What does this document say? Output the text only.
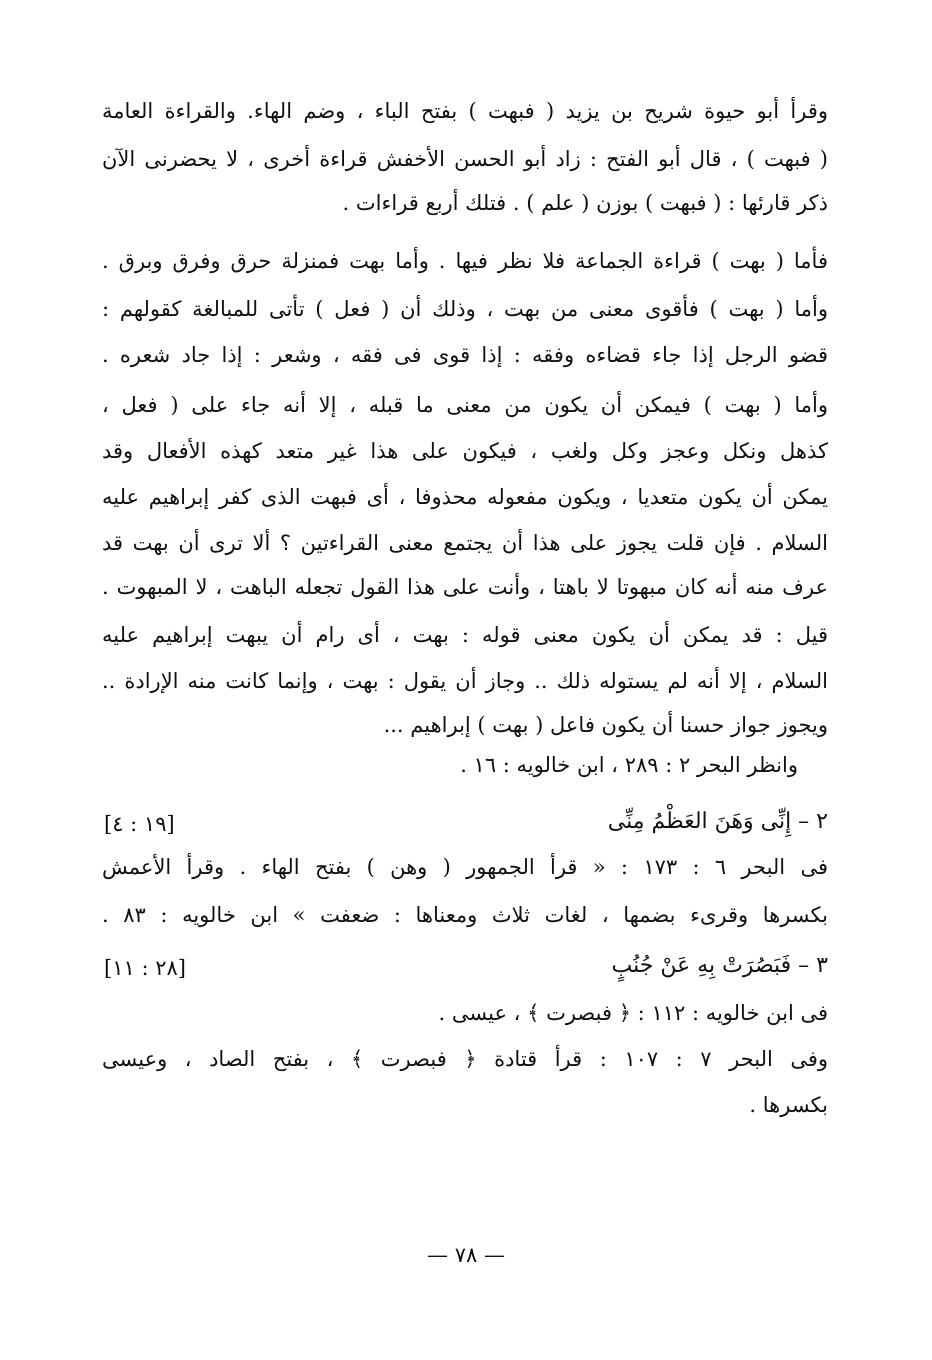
وقرأ أبو حيوة شريح بن يزيد ( فبهت ) بفتح الباء ، وضم الهاء. والقراءة العامة
( فبهت ) ، قال أبو الفتح : زاد أبو الحسن الأخفش قراءة أخرى ، لا يحضرنى الآن
ذكر قارئها : ( فبهت ) بوزن ( علم ) . فتلك أربع قراءات .
فأما ( بهت ) قراءة الجماعة فلا نظر فيها . وأما بهت فمنزلة حرق وفرق وبرق .
وأما ( بهت ) فأقوى معنى من بهت ، وذلك أن ( فعل ) تأتى للمبالغة كقولهم :
قضو الرجل إذا جاء قضاءه وفقه : إذا قوى فى فقه ، وشعر : إذا جاد شعره .
وأما ( بهت ) فيمكن أن يكون من معنى ما قبله ، إلا أنه جاء على ( فعل ،
كذهل ونكل وعجز وكل ولغب ، فيكون على هذا غير متعد كهذه الأفعال وقد
يمكن أن يكون متعديا ، ويكون مفعوله محذوفا ، أى فبهت الذى كفر إبراهيم عليه
السلام . فإن قلت يجوز على هذا أن يجتمع معنى القراءتين ؟ ألا ترى أن بهت قد
عرف منه أنه كان مبهوتا لا باهتا ، وأنت على هذا القول تجعله الباهت ، لا المبهوت .
قيل : قد يمكن أن يكون معنى قوله : بهت ، أى رام أن يبهت إبراهيم عليه
السلام ، إلا أنه لم يستوله ذلك .. وجاز أن يقول : بهت ، وإنما كانت منه الإرادة ..
ويجوز جواز حسنا أن يكون فاعل ( بهت ) إبراهيم ...
وانظر البحر ٢ : ٢٨٩ ، ابن خالويه : ١٦ .
٢ – إِنِّى وَهَنَ العَظْمُ مِنِّى
[١٩ : ٤]
فى البحر ٦ : ١٧٣ : « قرأ الجمهور ( وهن ) بفتح الهاء . وقرأ الأعمش
بكسرها وقرىء بضمها ، لغات ثلاث ومعناها : ضعفت » ابن خالويه : ٨٣ .
٣ – فَبَصُرَتْ بِهِ عَنْ جُنُبٍ
[٢٨ : ١١]
فى ابن خالويه : ١١٢ : ﴿ فبصرت ﴾ ، عيسى .
وفى البحر ٧ : ١٠٧ : قرأ قتادة ﴿ فبصرت ﴾ ، بفتح الصاد ، وعيسى
بكسرها .
— ٧٨ —
